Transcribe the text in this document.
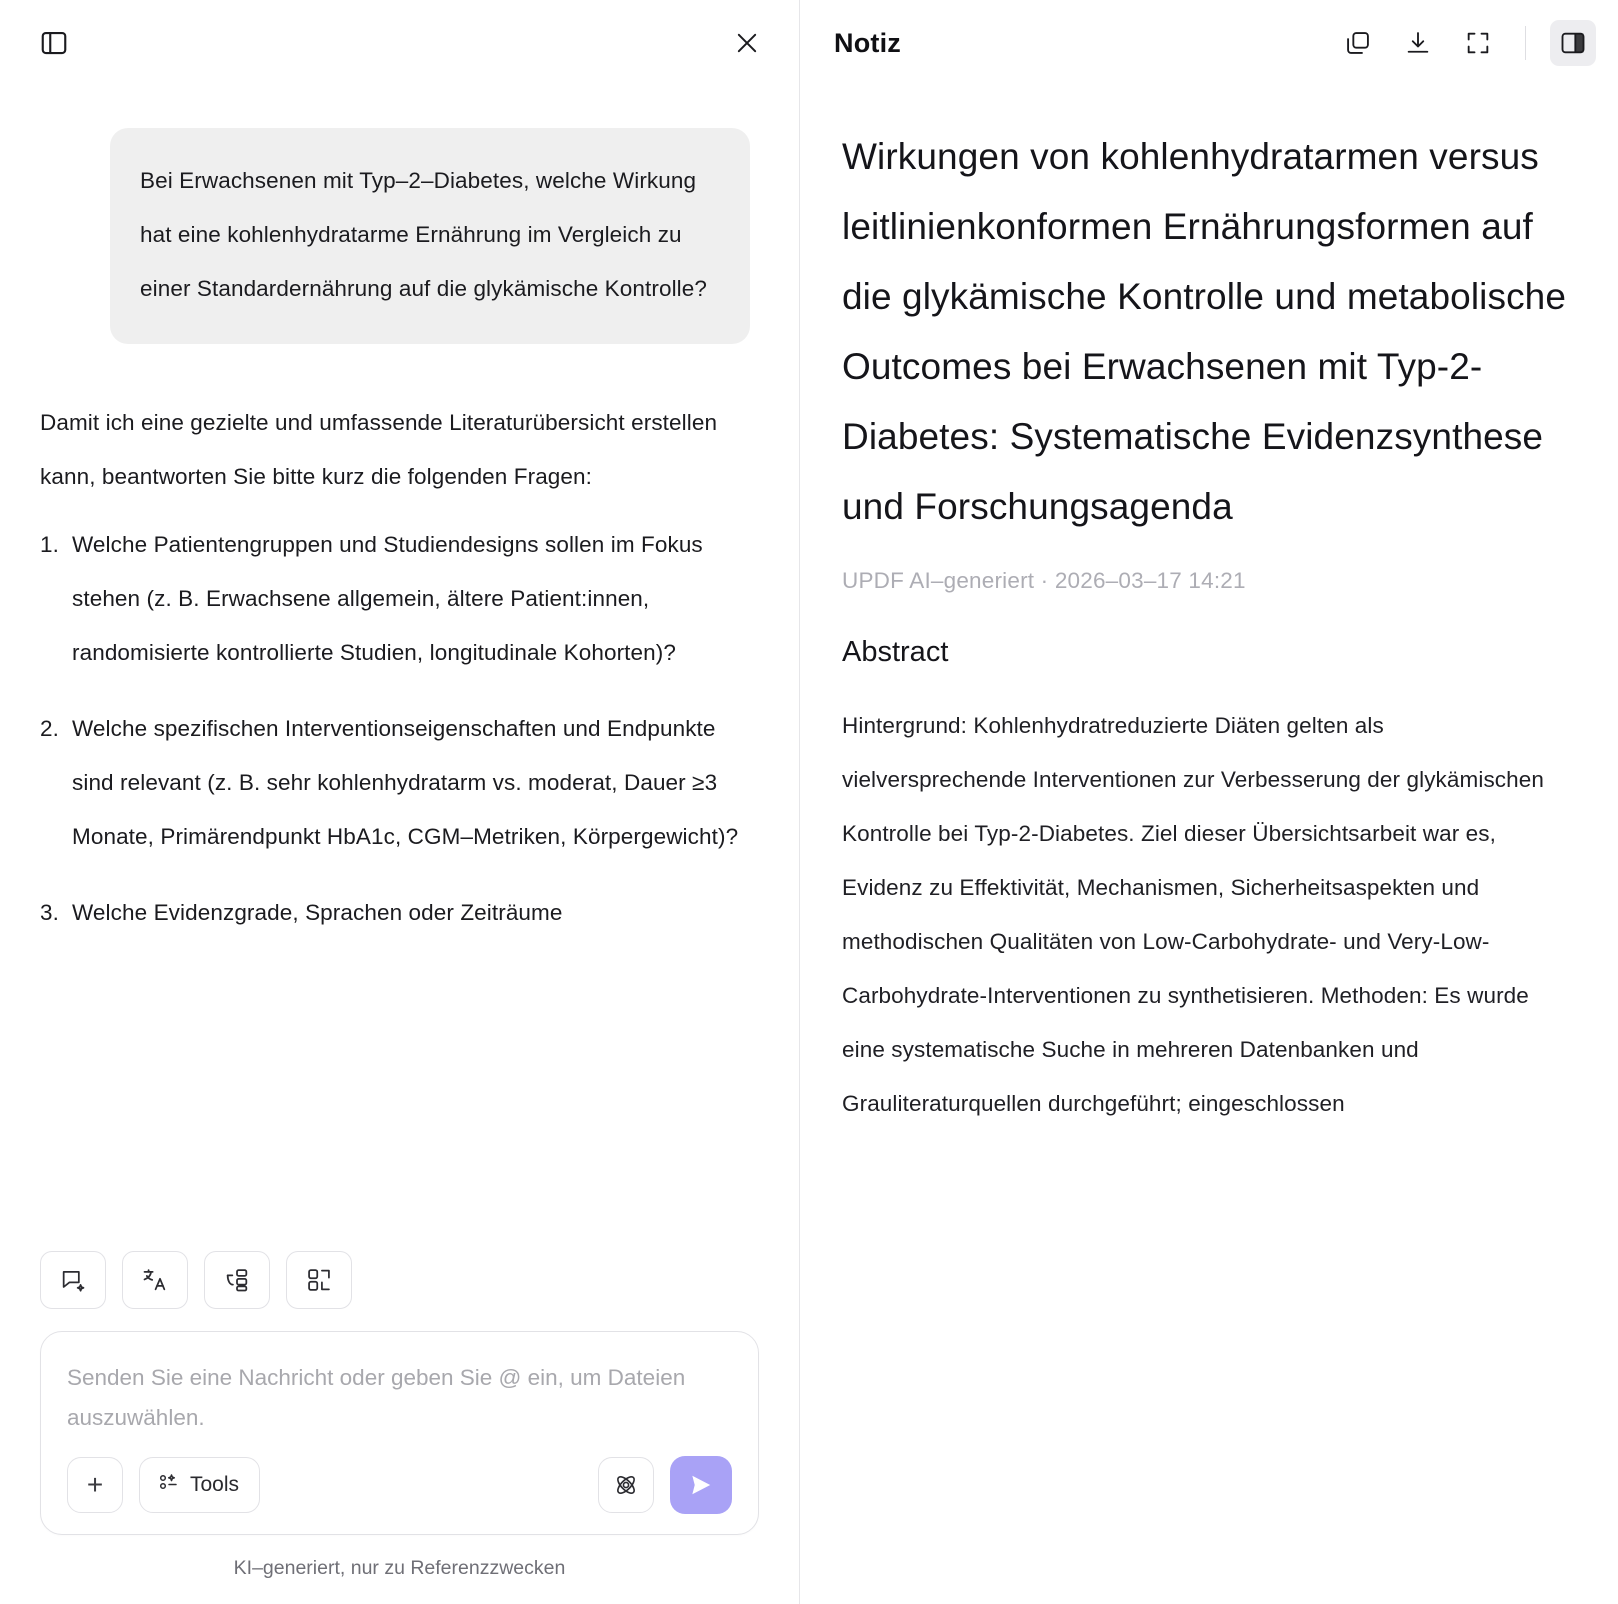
Bei Erwachsenen mit Typ–2–Diabetes, welche Wirkung hat eine kohlenhydratarme Ernährung im Vergleich zu einer Standardernährung auf die glykämische Kontrolle?

Damit ich eine gezielte und umfassende Literaturübersicht erstellen kann, beantworten Sie bitte kurz die folgenden Fragen:

1. Welche Patientengruppen und Studiendesigns sollen im Fokus stehen (z. B. Erwachsene allgemein, ältere Patient:innen, randomisierte kontrollierte Studien, longitudinale Kohorten)?
2. Welche spezifischen Interventionseigenschaften und Endpunkte sind relevant (z. B. sehr kohlenhydratarm vs. moderat, Dauer ≥3 Monate, Primärendpunkt HbA1c, CGM–Metriken, Körpergewicht)?
3. Welche Evidenzgrade, Sprachen oder Zeiträume
Senden Sie eine Nachricht oder geben Sie @ ein, um Dateien auszuwählen.
+	Tools
KI–generiert, nur zu Referenzzwecken
Notiz
Wirkungen von kohlenhydratarmen versus leitlinienkonformen Ernährungsformen auf die glykämische Kontrolle und metabolische Outcomes bei Erwachsenen mit Typ-2-Diabetes: Systematische Evidenzsynthese und Forschungsagenda
UPDF AI–generiert · 2026–03–17 14:21
Abstract

Hintergrund: Kohlenhydratreduzierte Diäten gelten als vielversprechende Interventionen zur Verbesserung der glykämischen Kontrolle bei Typ-2-Diabetes. Ziel dieser Übersichtsarbeit war es, Evidenz zu Effektivität, Mechanismen, Sicherheitsaspekten und methodischen Qualitäten von Low-Carbohydrate- und Very-Low-Carbohydrate-Interventionen zu synthetisieren. Methoden: Es wurde eine systematische Suche in mehreren Datenbanken und Grauliteraturquellen durchgeführt; eingeschlossen
